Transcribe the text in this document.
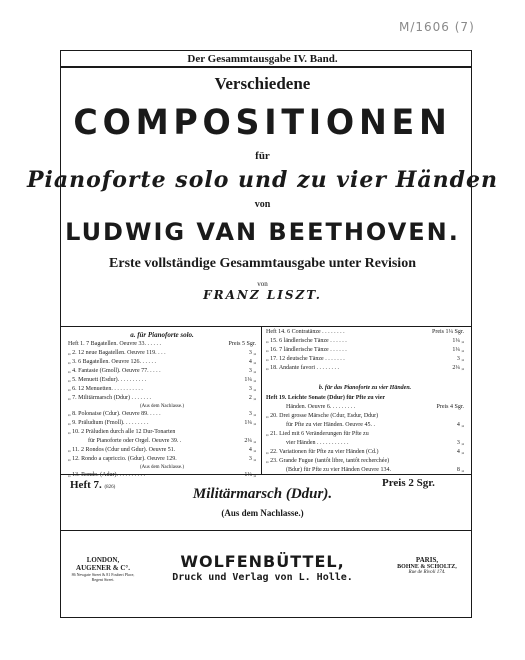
M/1606 (7)
Der Gesammtausgabe IV. Band.
Verschiedene
COMPOSITIONEN
für
Pianoforte solo und zu vier Händen
von
LUDWIG VAN BEETHOVEN.
Erste vollständige Gesammtausgabe unter Revision
von
FRANZ LISZT.
a. für Pianoforte solo.
Heft 1. 7 Bagatellen. Oeuvre 33. . . . . .	Preis 5 Sgr.
„ 2. 12 neue Bagatellen. Oeuvre 119. . . .	3 „
„ 3. 6 Bagatellen. Oeuvre 126. . . . . .	4 „
„ 4. Fantasie (Gmoll). Oeuvre 77. . . . .	3 „
„ 5. Menuett (Esdur). . . . . . . . . .	1¼ „
„ 6. 12 Menuetten. . . . . . . . . . .	3 „
„ 7. Militärmarsch (Ddur) . . . . . . .	2 „
(Aus dem Nachlasse.)
„ 8. Polonaise (Cdur). Oeuvre 89. . . . .	3 „
„ 9. Präludium (Fmoll). . . . . . . . .	1¼ „
„ 10. 2 Präludien durch alle 12 Dur-Tonarten
für Pianoforte oder Orgel. Oeuvre 39. .	2¼ „
„ 11. 2 Rondos (Cdur und Gdur). Oeuvre 51.	4 „
„ 12. Rondo a capriccio. (Gdur). Oeuvre 129.	3 „
(Aus dem Nachlasse.)
„ 13. Rondo. (Adur). . . . . . . . . .	1¼ „
Heft 14. 6 Contratänze . . . . . . . .	Preis 1¼ Sgr.
„ 15. 6 ländlerische Tänze . . . . . .	1¼ „
„ 16. 7 ländlerische Tänze . . . . . .	1¼ „
„ 17. 12 deutsche Tänze . . . . . . .	3 „
„ 18. Andante favori . . . . . . . .	2¼ „
b. für das Pianoforte zu vier Händen.
Heft 19. Leichte Sonate (Ddur) für Pfte zu vier
Händen. Oeuvre 6. . . . . . . . .	Preis 4 Sgr.
„ 20. Drei grosse Märsche (Cdur, Esdur, Ddur)
für Pfte zu vier Händen. Oeuvre 45. .	4 „
„ 21. Lied mit 6 Veränderungen für Pfte zu
vier Händen . . . . . . . . . . .	3 „
„ 22. Variationen für Pfte zu vier Händen (Cd.)	4 „
„ 23. Grande Fugue (tantôt libre, tantôt recherchée)
(Bdur) für Pfte zu vier Händen Oeuvre 134.	8 „
Heft 7. (826)	Preis 2 Sgr.
Militärmarsch (Ddur).
(Aus dem Nachlasse.)
LONDON,
AUGENER & C°.
86 Newgate Street & 81 Foubert Place,
Regent Street.
WOLFENBÜTTEL,
Druck und Verlag von L. Holle.
PARIS,
BOHNE & SCHOLTZ,
Rue de Rivoli 174.
